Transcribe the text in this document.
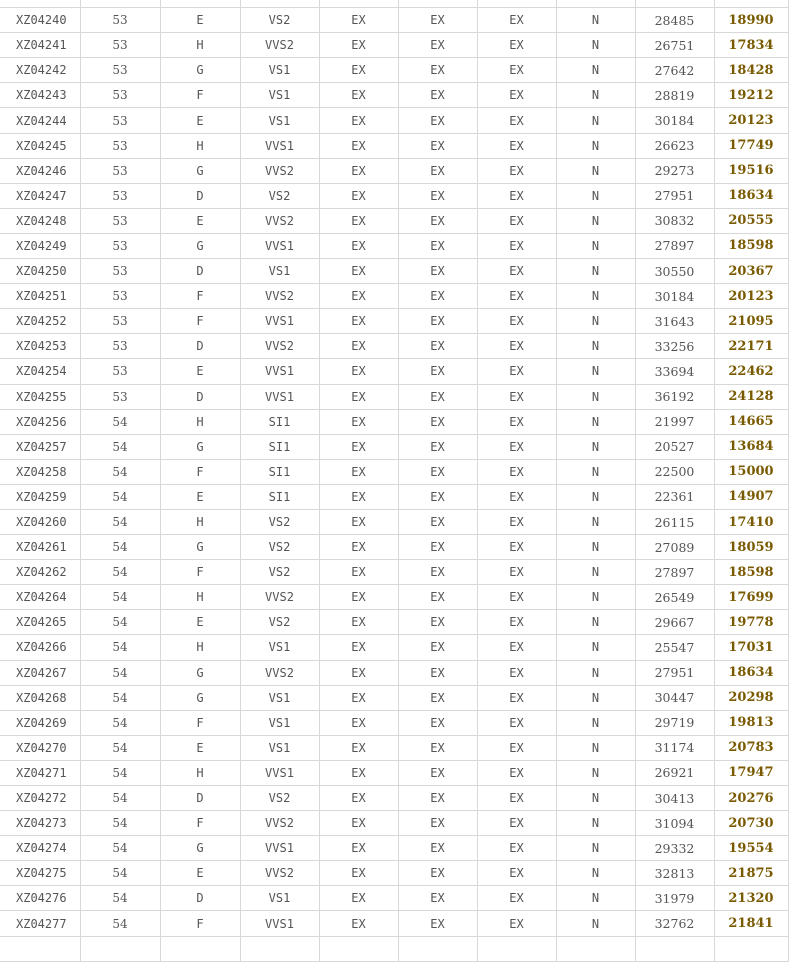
XZ04240	53	E	VS2	EX	EX	EX	N	28485	18990
XZ04241	53	H	VVS2	EX	EX	EX	N	26751	17834
XZ04242	53	G	VS1	EX	EX	EX	N	27642	18428
XZ04243	53	F	VS1	EX	EX	EX	N	28819	19212
XZ04244	53	E	VS1	EX	EX	EX	N	30184	20123
XZ04245	53	H	VVS1	EX	EX	EX	N	26623	17749
XZ04246	53	G	VVS2	EX	EX	EX	N	29273	19516
XZ04247	53	D	VS2	EX	EX	EX	N	27951	18634
XZ04248	53	E	VVS2	EX	EX	EX	N	30832	20555
XZ04249	53	G	VVS1	EX	EX	EX	N	27897	18598
XZ04250	53	D	VS1	EX	EX	EX	N	30550	20367
XZ04251	53	F	VVS2	EX	EX	EX	N	30184	20123
XZ04252	53	F	VVS1	EX	EX	EX	N	31643	21095
XZ04253	53	D	VVS2	EX	EX	EX	N	33256	22171
XZ04254	53	E	VVS1	EX	EX	EX	N	33694	22462
XZ04255	53	D	VVS1	EX	EX	EX	N	36192	24128
XZ04256	54	H	SI1	EX	EX	EX	N	21997	14665
XZ04257	54	G	SI1	EX	EX	EX	N	20527	13684
XZ04258	54	F	SI1	EX	EX	EX	N	22500	15000
XZ04259	54	E	SI1	EX	EX	EX	N	22361	14907
XZ04260	54	H	VS2	EX	EX	EX	N	26115	17410
XZ04261	54	G	VS2	EX	EX	EX	N	27089	18059
XZ04262	54	F	VS2	EX	EX	EX	N	27897	18598
XZ04264	54	H	VVS2	EX	EX	EX	N	26549	17699
XZ04265	54	E	VS2	EX	EX	EX	N	29667	19778
XZ04266	54	H	VS1	EX	EX	EX	N	25547	17031
XZ04267	54	G	VVS2	EX	EX	EX	N	27951	18634
XZ04268	54	G	VS1	EX	EX	EX	N	30447	20298
XZ04269	54	F	VS1	EX	EX	EX	N	29719	19813
XZ04270	54	E	VS1	EX	EX	EX	N	31174	20783
XZ04271	54	H	VVS1	EX	EX	EX	N	26921	17947
XZ04272	54	D	VS2	EX	EX	EX	N	30413	20276
XZ04273	54	F	VVS2	EX	EX	EX	N	31094	20730
XZ04274	54	G	VVS1	EX	EX	EX	N	29332	19554
XZ04275	54	E	VVS2	EX	EX	EX	N	32813	21875
XZ04276	54	D	VS1	EX	EX	EX	N	31979	21320
XZ04277	54	F	VVS1	EX	EX	EX	N	32762	21841
